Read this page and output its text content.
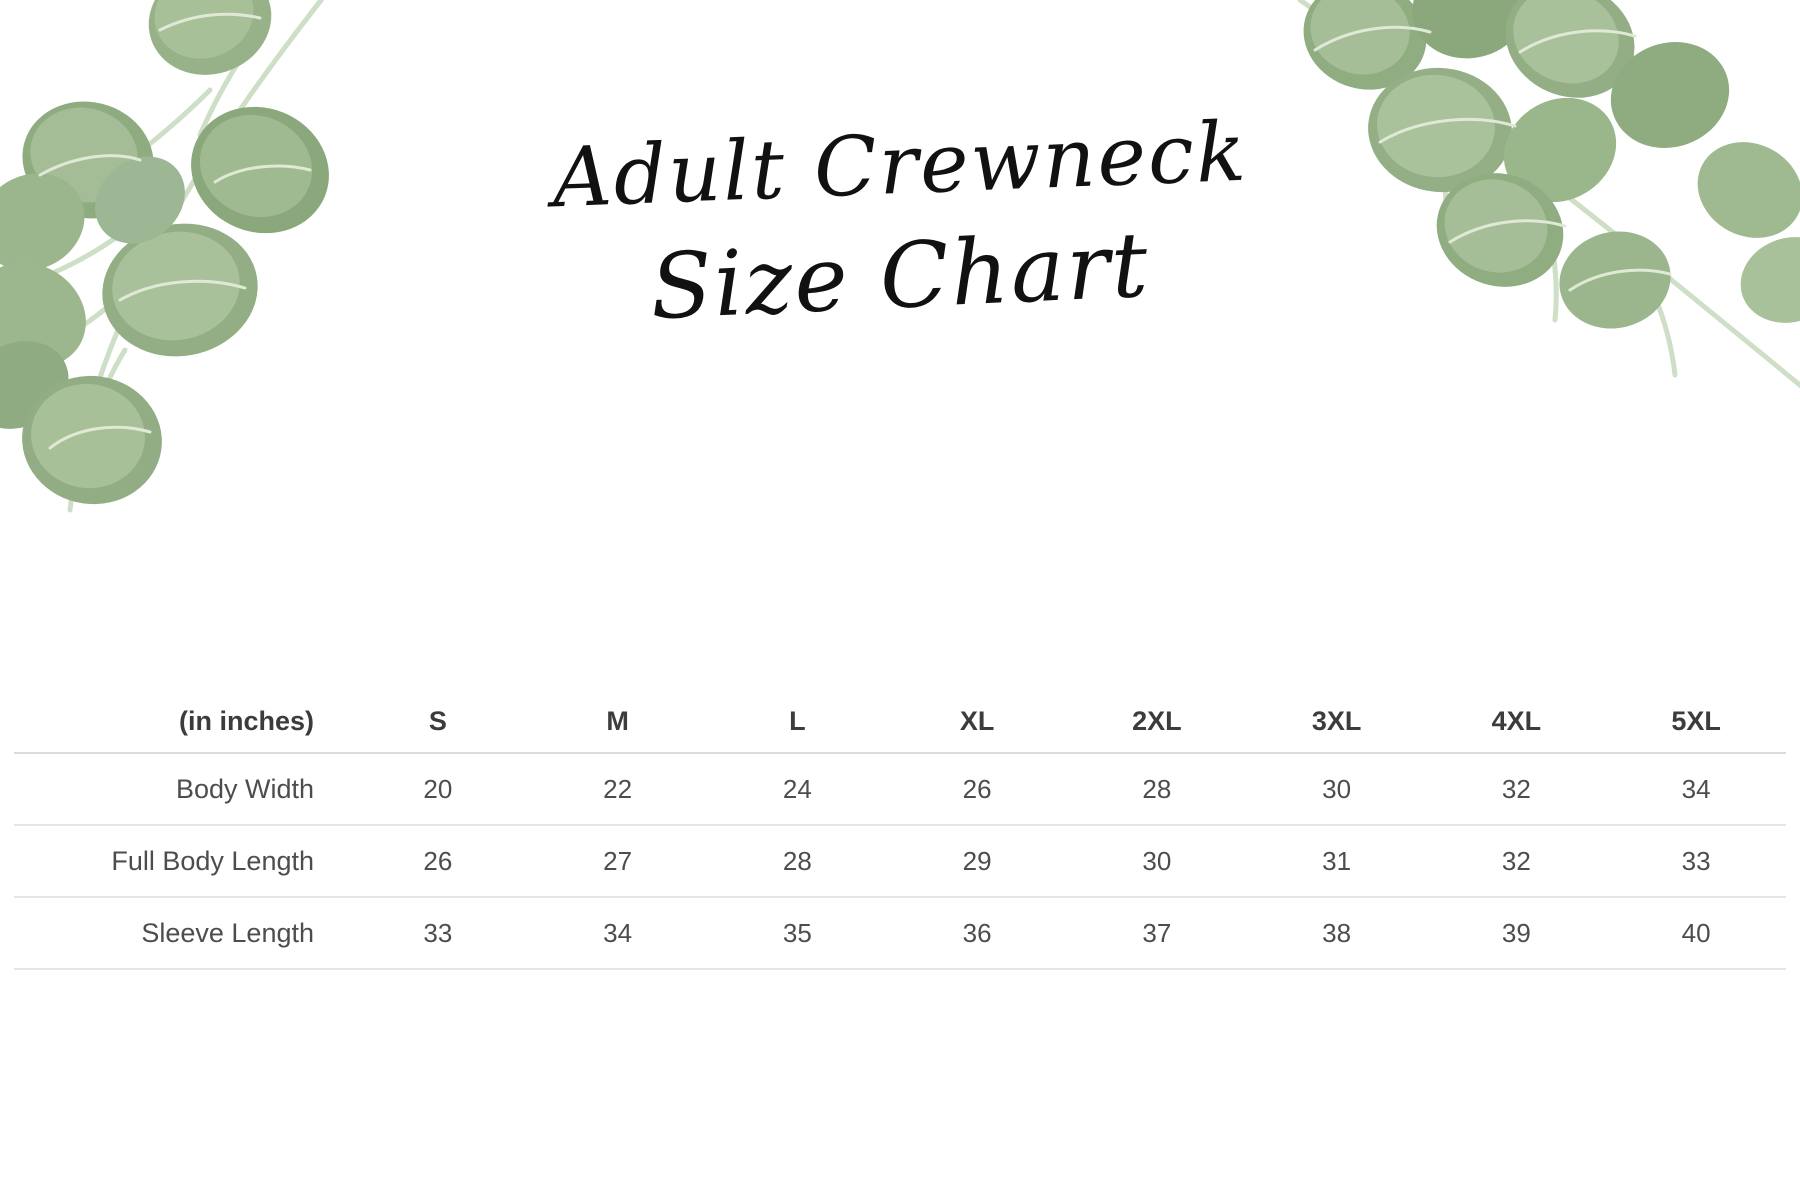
Adult Crewneck
Size Chart
(in inches)	S	M	L	XL	2XL	3XL	4XL	5XL
Body Width	20	22	24	26	28	30	32	34
Full Body Length	26	27	28	29	30	31	32	33
Sleeve Length	33	34	35	36	37	38	39	40
